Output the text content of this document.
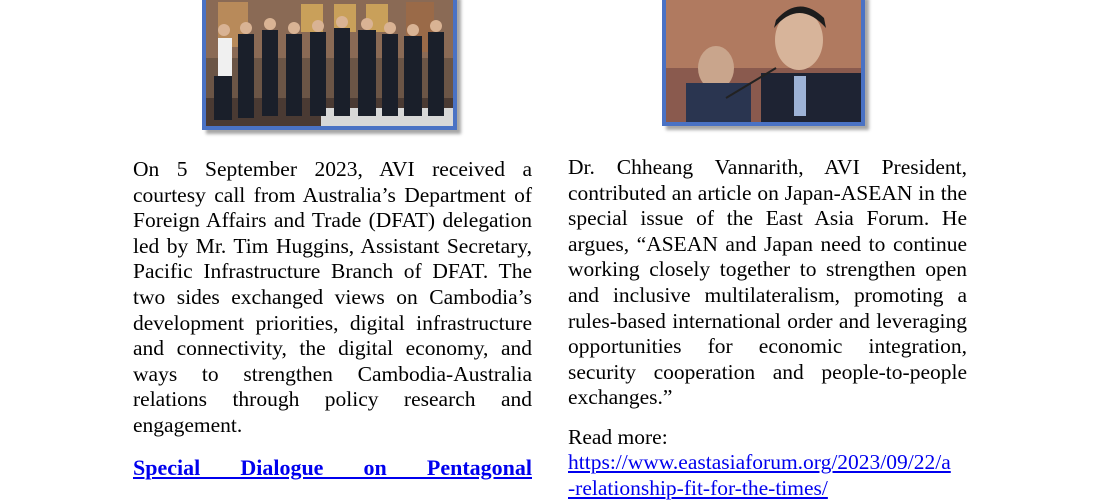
On 5 September 2023, AVI received a courtesy call from Australia’s Department of Foreign Affairs and Trade (DFAT) delegation led by Mr. Tim Huggins, Assistant Secretary, Pacific Infrastructure Branch of DFAT. The two sides exchanged views on Cambodia’s development priorities, digital infrastructure and connectivity, the digital economy, and ways to strengthen Cambodia-Australia relations through policy research and engagement.

Special Dialogue on Pentagonal

Dr. Chheang Vannarith, AVI President, contributed an article on Japan-ASEAN in the special issue of the East Asia Forum. He argues, “ASEAN and Japan need to continue working closely together to strengthen open and inclusive multilateralism, promoting a rules-based international order and leveraging opportunities for economic integration, security cooperation and people-to-people exchanges.”

Read more:
https://www.eastasiaforum.org/2023/09/22/a
-relationship-fit-for-the-times/
